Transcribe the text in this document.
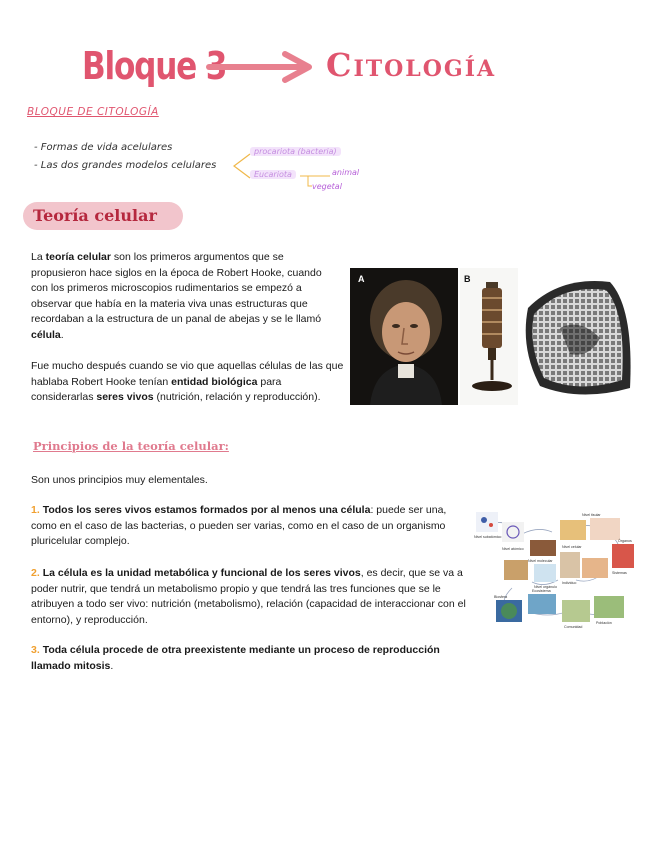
Bloque 3	Citología
BLOQUE DE CITOLOGÍA
- Formas de vida acelulares
- Las dos grandes modelos celulares
procariota (bacteria)
Eucariota	animal
vegetal
Teoría celular
La teoría celular son los primeros argumentos que se propusieron hace siglos en la época de Robert Hooke, cuando con los primeros microscopios rudimentarios se empezó a observar que había en la materia viva unas estructuras que recordaban a la estructura de un panal de abejas y se le llamó célula.
Fue mucho después cuando se vio que aquellas células de las que hablaba Robert Hooke tenían entidad biológica para considerarlas seres vivos (nutrición, relación y reproducción).
A	B	C
Principios de la teoría celular:
Son unos principios muy elementales.
1. Todos los seres vivos estamos formados por al menos una célula: puede ser una, como en el caso de las bacterias, o pueden ser varias, como en el caso de un organismo pluricelular complejo.
2. La célula es la unidad metabólica y funcional de los seres vivos, es decir, que se va a poder nutrir, que tendrá un metabolismo propio y que tendrá las tres funciones que se le atribuyen a todo ser vivo: nutrición (metabolismo), relación (capacidad de interaccionar con el entorno), y reproducción.
3. Toda célula procede de otra preexistente mediante un proceso de reproducción llamado mitosis.
Nivel tisular
Nivel celular
Órganos
Nivel subatómico
Nivel atómico
Nivel molecular
Nivel orgánulo
Individuo
Sistemas
Ecosistema
Biosfera
Comunidad
Población
